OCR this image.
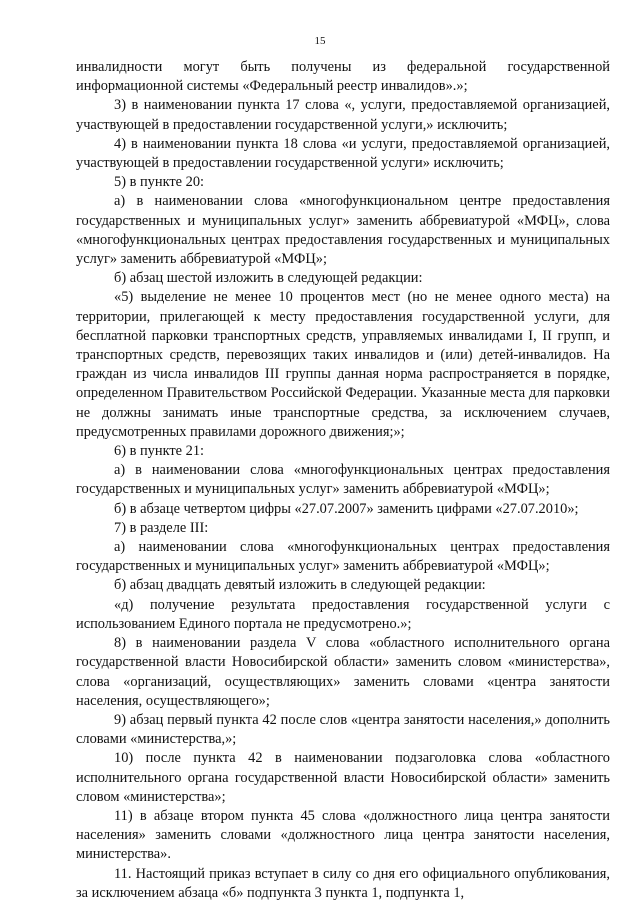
15

инвалидности могут быть получены из федеральной государственной информационной системы «Федеральный реестр инвалидов».»;

3) в наименовании пункта 17 слова «, услуги, предоставляемой организацией, участвующей в предоставлении государственной услуги,» исключить;

4) в наименовании пункта 18 слова «и услуги, предоставляемой организацией, участвующей в предоставлении государственной услуги» исключить;

5) в пункте 20:

а) в наименовании слова «многофункциональном центре предоставления государственных и муниципальных услуг» заменить аббревиатурой «МФЦ», слова «многофункциональных центрах предоставления государственных и муниципальных услуг» заменить аббревиатурой «МФЦ»;

б) абзац шестой изложить в следующей редакции:

«5) выделение не менее 10 процентов мест (но не менее одного места) на территории, прилегающей к месту предоставления государственной услуги, для бесплатной парковки транспортных средств, управляемых инвалидами I, II групп, и транспортных средств, перевозящих таких инвалидов и (или) детей-инвалидов. На граждан из числа инвалидов III группы данная норма распространяется в порядке, определенном Правительством Российской Федерации. Указанные места для парковки не должны занимать иные транспортные средства, за исключением случаев, предусмотренных правилами дорожного движения;»;

6) в пункте 21:

а) в наименовании слова «многофункциональных центрах предоставления государственных и муниципальных услуг» заменить аббревиатурой «МФЦ»;

б) в абзаце четвертом цифры «27.07.2007» заменить цифрами «27.07.2010»;

7) в разделе III:

а) наименовании слова «многофункциональных центрах предоставления государственных и муниципальных услуг» заменить аббревиатурой «МФЦ»;

б) абзац двадцать девятый изложить в следующей редакции:

«д) получение результата предоставления государственной услуги с использованием Единого портала не предусмотрено.»;

8) в наименовании раздела V слова «областного исполнительного органа государственной власти Новосибирской области» заменить словом «министерства», слова «организаций, осуществляющих» заменить словами «центра занятости населения, осуществляющего»;

9) абзац первый пункта 42 после слов «центра занятости населения,» дополнить словами «министерства,»;

10) после пункта 42 в наименовании подзаголовка слова «областного исполнительного органа государственной власти Новосибирской области» заменить словом «министерства»;

11) в абзаце втором пункта 45 слова «должностного лица центра занятости населения» заменить словами «должностного лица центра занятости населения, министерства».

11. Настоящий приказ вступает в силу со дня его официального опубликования, за исключением абзаца «б» подпункта 3 пункта 1, подпункта 1,
